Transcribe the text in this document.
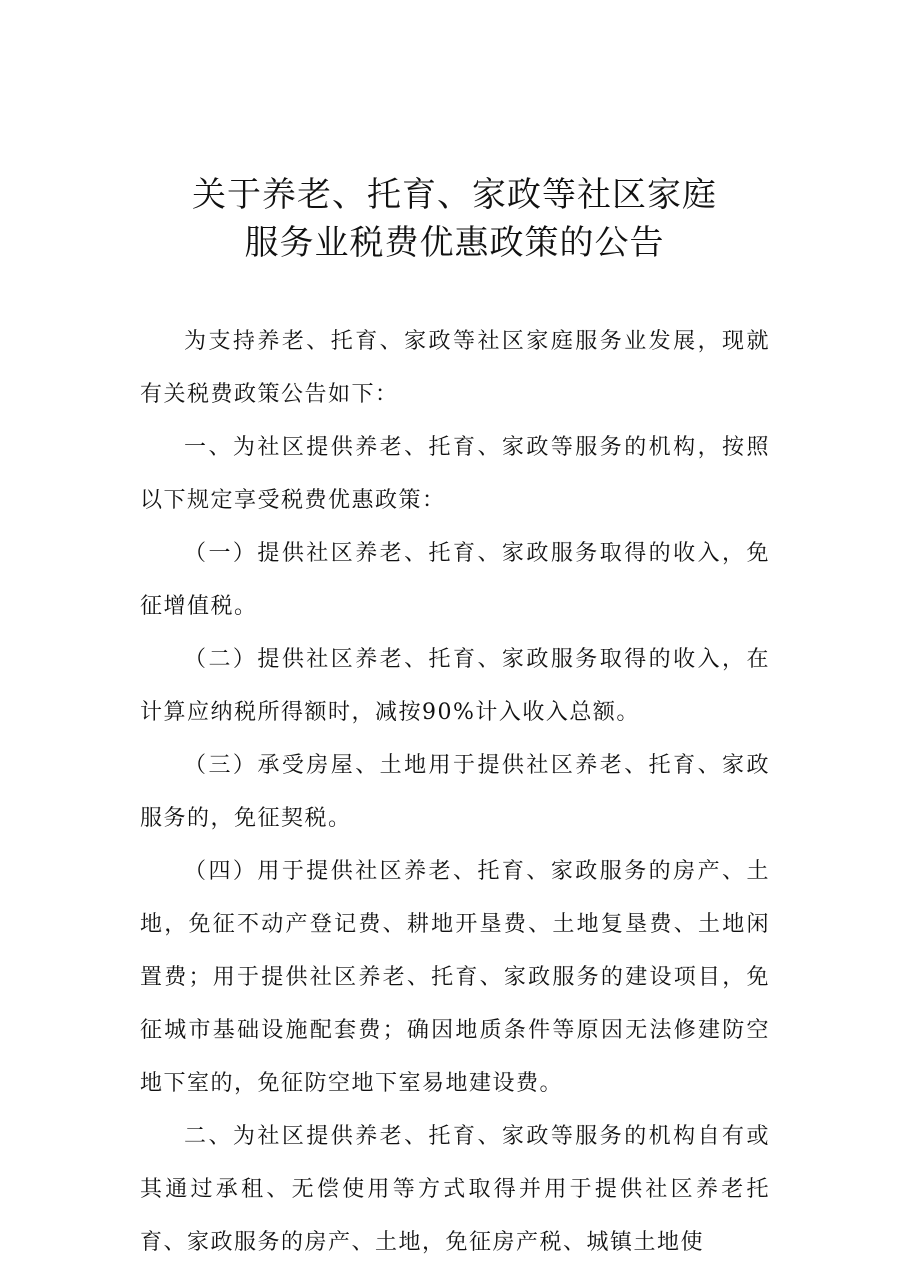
关于养老、托育、家政等社区家庭
服务业税费优惠政策的公告

为支持养老、托育、家政等社区家庭服务业发展，现就有关税费政策公告如下：

一、为社区提供养老、托育、家政等服务的机构，按照以下规定享受税费优惠政策：

（一）提供社区养老、托育、家政服务取得的收入，免征增值税。

（二）提供社区养老、托育、家政服务取得的收入，在计算应纳税所得额时，减按90%计入收入总额。

（三）承受房屋、土地用于提供社区养老、托育、家政服务的，免征契税。

（四）用于提供社区养老、托育、家政服务的房产、土地，免征不动产登记费、耕地开垦费、土地复垦费、土地闲置费；用于提供社区养老、托育、家政服务的建设项目，免征城市基础设施配套费；确因地质条件等原因无法修建防空地下室的，免征防空地下室易地建设费。

二、为社区提供养老、托育、家政等服务的机构自有或其通过承租、无偿使用等方式取得并用于提供社区养老托育、家政服务的房产、土地，免征房产税、城镇土地使
